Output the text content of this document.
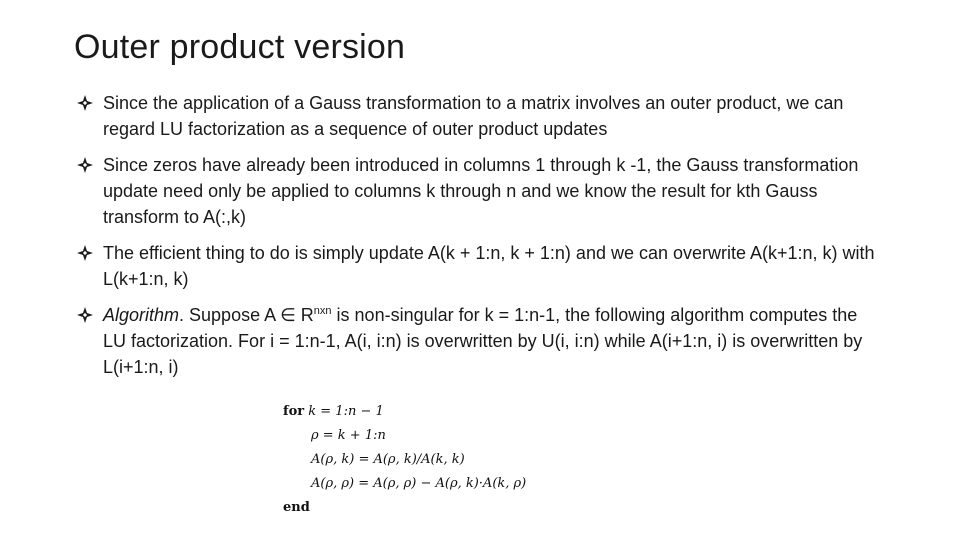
Outer product version
Since the application of a Gauss transformation to a matrix involves an outer product, we can regard LU factorization as a sequence of outer product updates
Since zeros have already been introduced in columns 1 through k -1, the Gauss transformation update need only be applied to columns k through n and we know the result for kth Gauss transform to A(:,k)
The efficient thing to do is simply update A(k + 1:n, k + 1:n) and we can overwrite A(k+1:n, k) with L(k+1:n, k)
Algorithm. Suppose A ∈ $R^{nxn}$ is non-singular for k = 1:n-1, the following algorithm computes the LU factorization. For i = 1:n-1, A(i, i:n) is overwritten by U(i, i:n) while A(i+1:n, i) is overwritten by L(i+1:n, i)
for k = 1:n − 1
ρ = k + 1:n
A(ρ, k) = A(ρ, k)/A(k, k)
A(ρ, ρ) = A(ρ, ρ) − A(ρ, k)·A(k, ρ)
end
